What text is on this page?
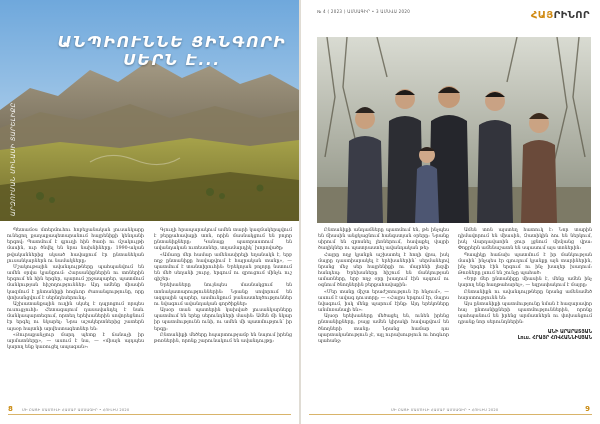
ԱՆՊԻՈՒՆՆԵ ՑԻՆԳՈՐԻ ՍԵՐՆ Է...
ԱՐԶՈՒՄԱՆ ՄԻՆԱՍԻ ՏԱՐԵԼԻՔԸ

Պետամօս մտերմուհու հոբելյանական լուսանկարը ունեցող քաղաքապետարանում հայրենիքի կենդանի երգով։ Պատմում է գյուղի հին ծառի ու մշակույթի մասին, ուր ծնվել են նրա նախնիները։ 1990-ական թվականներից սկսած հավաքում էր ընտանեկան լուսանկարներն ու նամակները։

Մշակութային ավանդույթները պահպանվում են ամեն օրվա կյանքում։ Հարսանիքներին ու տոներին երգում են հին երգեր, պարում շրջապարեր, պատմում մանկության հիշողություններ։ Այդ ամենը միասին կազմում է ընտանիքի հոգևոր ժառանգությունը, որը փոխանցվում է սերնդեսերունդ։

Աշխատանքային ուղին սկսել է դպրոցում որպես ուսուցչուհի։ Հետագայում դասավանդել է նաև մանկապարտեզում, որտեղ երեխաներին սովորեցնում էր երգել ու նկարել։ Նրա աշակերտներից շատերն այսօր հայտնի արվեստագետներ են։

«Յուրաքանչյուր մարդ պետք է ճանաչի իր արմատները», — ասում է նա, — «միայն այդպես կարող ենք կառուցել ապագան»։

Գյուղի հրապարակում ամեն տարի կազմակերպվում է բերքահավաքի տոն, որին մասնակցում են բոլոր ընտանիքները։ Կանայք պատրաստում են ավանդական ուտեստներ, տղամարդիկ՝ խորովածը։

«Ամառը մեր համար ամենասիրելի եղանակն է, երբ ողջ ընտանիքը հավաքվում է հայրական տանը», — պատմում է տանտիրուհին։ Երեկոյան բոլորը նստում են մեծ սեղանի շուրջ, երգում ու զրուցում մինչև ուշ գիշեր։

Երեխաները նույնպես մասնակցում են տոնակատարություններին։ Նրանք սովորում են ազգային պարեր, ասմունքում բանաստեղծություններ ու նվագում ավանդական գործիքներ։

Այսօր տան պատերին կախված լուսանկարները պատմում են երեք սերունդների մասին։ Ամեն մի նկար իր պատմությունն ունի, ու ամեն մի պատմություն՝ իր երգը։

Ընտանիքի մեծերը հպարտությամբ են նայում իրենց թոռներին, որոնք շարունակում են ավանդույթը։

8	ՄԻ ԲԱՑԻ ՄԱՄՈՒԼԻ ՀԱՄԱՐ ԱՄՍԱԳԻՐ • ՀՈՒԼԻՍ 2020
№ 4 ( 2023 ) ԱՄՍԱԳԻՐ • 3 ԱՄՍՎԱ 2020	ՀԱՅՐԻՆՈՐ

Ընտանիքի անդամները պատմում են, թե ինչպես են միասին անցկացնում հանգստյան օրերը։ Նրանք սիրում են զբոսնել լեռներում, հավաքել վայրի ծաղիկներ ու պատրաստել ավանդական թեյ։

Հայրը ողջ կյանքն աշխատել է հողի վրա, իսկ մայրը դաստիարակել է երեխաներին՝ սերմանելով նրանց մեջ սեր հայրենիքի ու մայրենի լեզվի հանդեպ։ Երեխաները հիշում են մանկության ամառները, երբ ողջ օրը խաղում էին այգում ու օգնում ծնողներին բերքահավաքին։

«Մեր տանը միշտ երաժշտություն էր հնչում», — ասում է ավագ դուստրը։ — «Հայրս երգում էր, մայրս նվագում, իսկ մենք պարում էինք։ Այդ երեկոները անմոռանալի են»։

Այսօր երեխաները մեծացել են, ունեն իրենց ընտանիքները, բայց ամեն կիրակի հավաքվում են ծնողների տանը։ Նրանց համար դա պարտականություն չէ, այլ ուրախություն ու հոգևոր պահանջ։

Ամեն տոն այստեղ հատուկ է։ Նոր տարին դիմավորում են միասին, Զատիկին ձու են ներկում, իսկ Վարդավառին ջուր լցնում միմյանց վրա։ Փոքրերն ամենաշատն են սպասում այս տոներին։

Պապիկը հաճախ պատմում է իր մանկության մասին՝ ինչպես էր գյուղում կյանքը այն տարիներին, ինչ երգեր էին երգում ու ինչ խաղեր խաղում։ Թոռները լսում են շունչը պահած։

«Երբ մեր ընտանիքը միասին է, մենք ամեն ինչ կարող ենք հաղթահարել», — եզրափակում է մայրը։

Ընտանիքն ու ավանդույթները նրանց ամենամեծ հարստությունն են։

Այս ընտանիքի պատմությունը նման է հազարավոր հայ ընտանիքների պատմություններին, որոնք պահպանում են իրենց արմատներն ու փոխանցում դրանք նոր սերունդներին։

ԱՆԻ ԱՐԱՐԱՏՅԱՆ
Լուս. ՀՐԱՅՐ ՀՈՎՀԱՆՆԻՍՅԱՆ
ՄԻ ԲԱՑԻ ՄԱՄՈՒԼԻ ՀԱՄԱՐ ԱՄՍԱԳԻՐ • ՀՈՒԼԻՍ 2020	9
